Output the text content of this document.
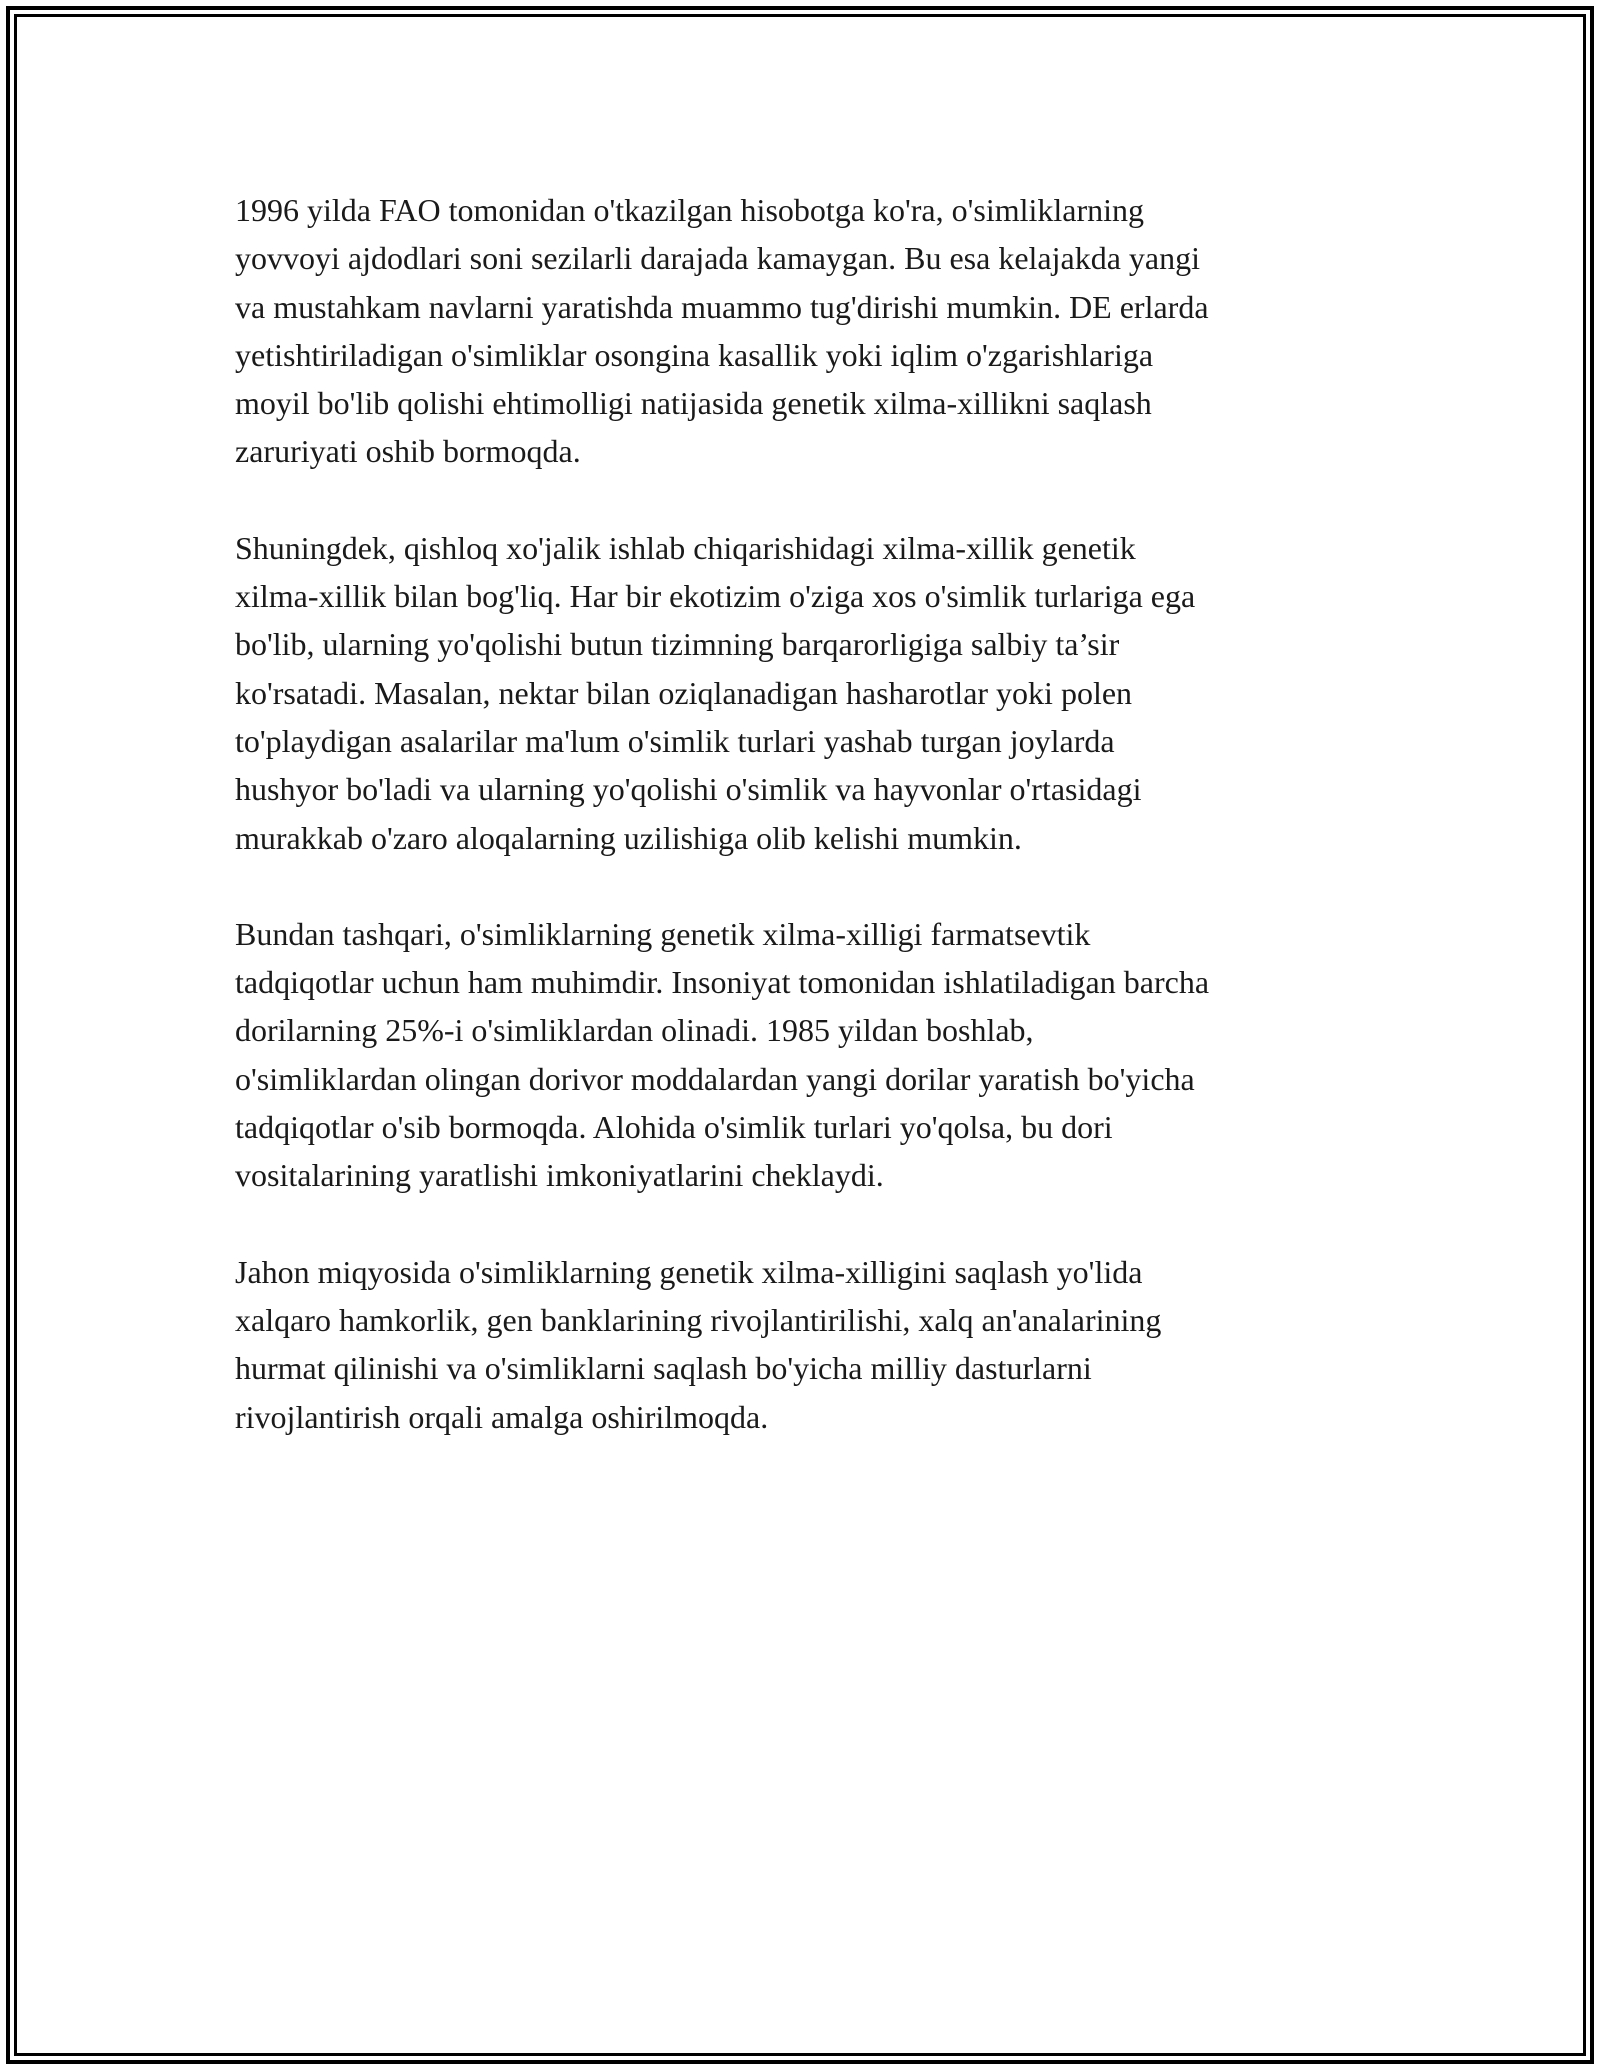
1996 yilda FAO tomonidan o'tkazilgan hisobotga ko'ra, o'simliklarning
yovvoyi ajdodlari soni sezilarli darajada kamaygan. Bu esa kelajakda yangi
va mustahkam navlarni yaratishda muammo tug'dirishi mumkin. DE erlarda
yetishtiriladigan o'simliklar osongina kasallik yoki iqlim o'zgarishlariga
moyil bo'lib qolishi ehtimolligi natijasida genetik xilma-xillikni saqlash
zaruriyati oshib bormoqda.

Shuningdek, qishloq xo'jalik ishlab chiqarishidagi xilma-xillik genetik
xilma-xillik bilan bog'liq. Har bir ekotizim o'ziga xos o'simlik turlariga ega
bo'lib, ularning yo'qolishi butun tizimning barqarorligiga salbiy ta’sir
ko'rsatadi. Masalan, nektar bilan oziqlanadigan hasharotlar yoki polen
to'playdigan asalarilar ma'lum o'simlik turlari yashab turgan joylarda
hushyor bo'ladi va ularning yo'qolishi o'simlik va hayvonlar o'rtasidagi
murakkab o'zaro aloqalarning uzilishiga olib kelishi mumkin.

Bundan tashqari, o'simliklarning genetik xilma-xilligi farmatsevtik
tadqiqotlar uchun ham muhimdir. Insoniyat tomonidan ishlatiladigan barcha
dorilarning 25%-i o'simliklardan olinadi. 1985 yildan boshlab,
o'simliklardan olingan dorivor moddalardan yangi dorilar yaratish bo'yicha
tadqiqotlar o'sib bormoqda. Alohida o'simlik turlari yo'qolsa, bu dori
vositalarining yaratlishi imkoniyatlarini cheklaydi.

Jahon miqyosida o'simliklarning genetik xilma-xilligini saqlash yo'lida
xalqaro hamkorlik, gen banklarining rivojlantirilishi, xalq an'analarining
hurmat qilinishi va o'simliklarni saqlash bo'yicha milliy dasturlarni
rivojlantirish orqali amalga oshirilmoqda.
